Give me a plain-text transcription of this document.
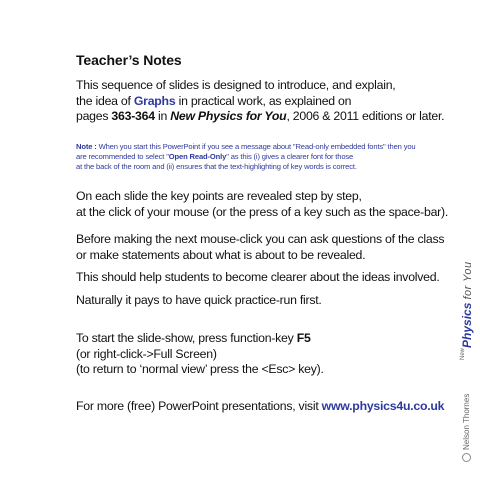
Teacher’s Notes

This sequence of slides is designed to introduce, and explain,

the idea of Graphs in practical work, as explained on

pages 363-364 in New Physics for You, 2006 & 2011 editions or later.

Note : When you start this PowerPoint if you see a message about "Read-only embedded fonts" then you

are recommended to select "Open Read-Only" as this (i) gives a clearer font for those

at the back of the room and (ii) ensures that the text-highlighting of key words is correct.

On each slide the key points are revealed step by step,

at the click of your mouse (or the press of a key such as the space-bar).

Before making the next mouse-click you can ask questions of the class

or make statements about what is about to be revealed.

This should help students to become clearer about the ideas involved.

Naturally it pays to have quick practice-run first.

To start the slide-show, press function-key F5

(or right-click->Full Screen)

(to return to ‘normal view’ press the <Esc> key).

For more (free) PowerPoint presentations, visit www.physics4u.co.uk

$^{New}$Physics for You
Nelson Thornes
